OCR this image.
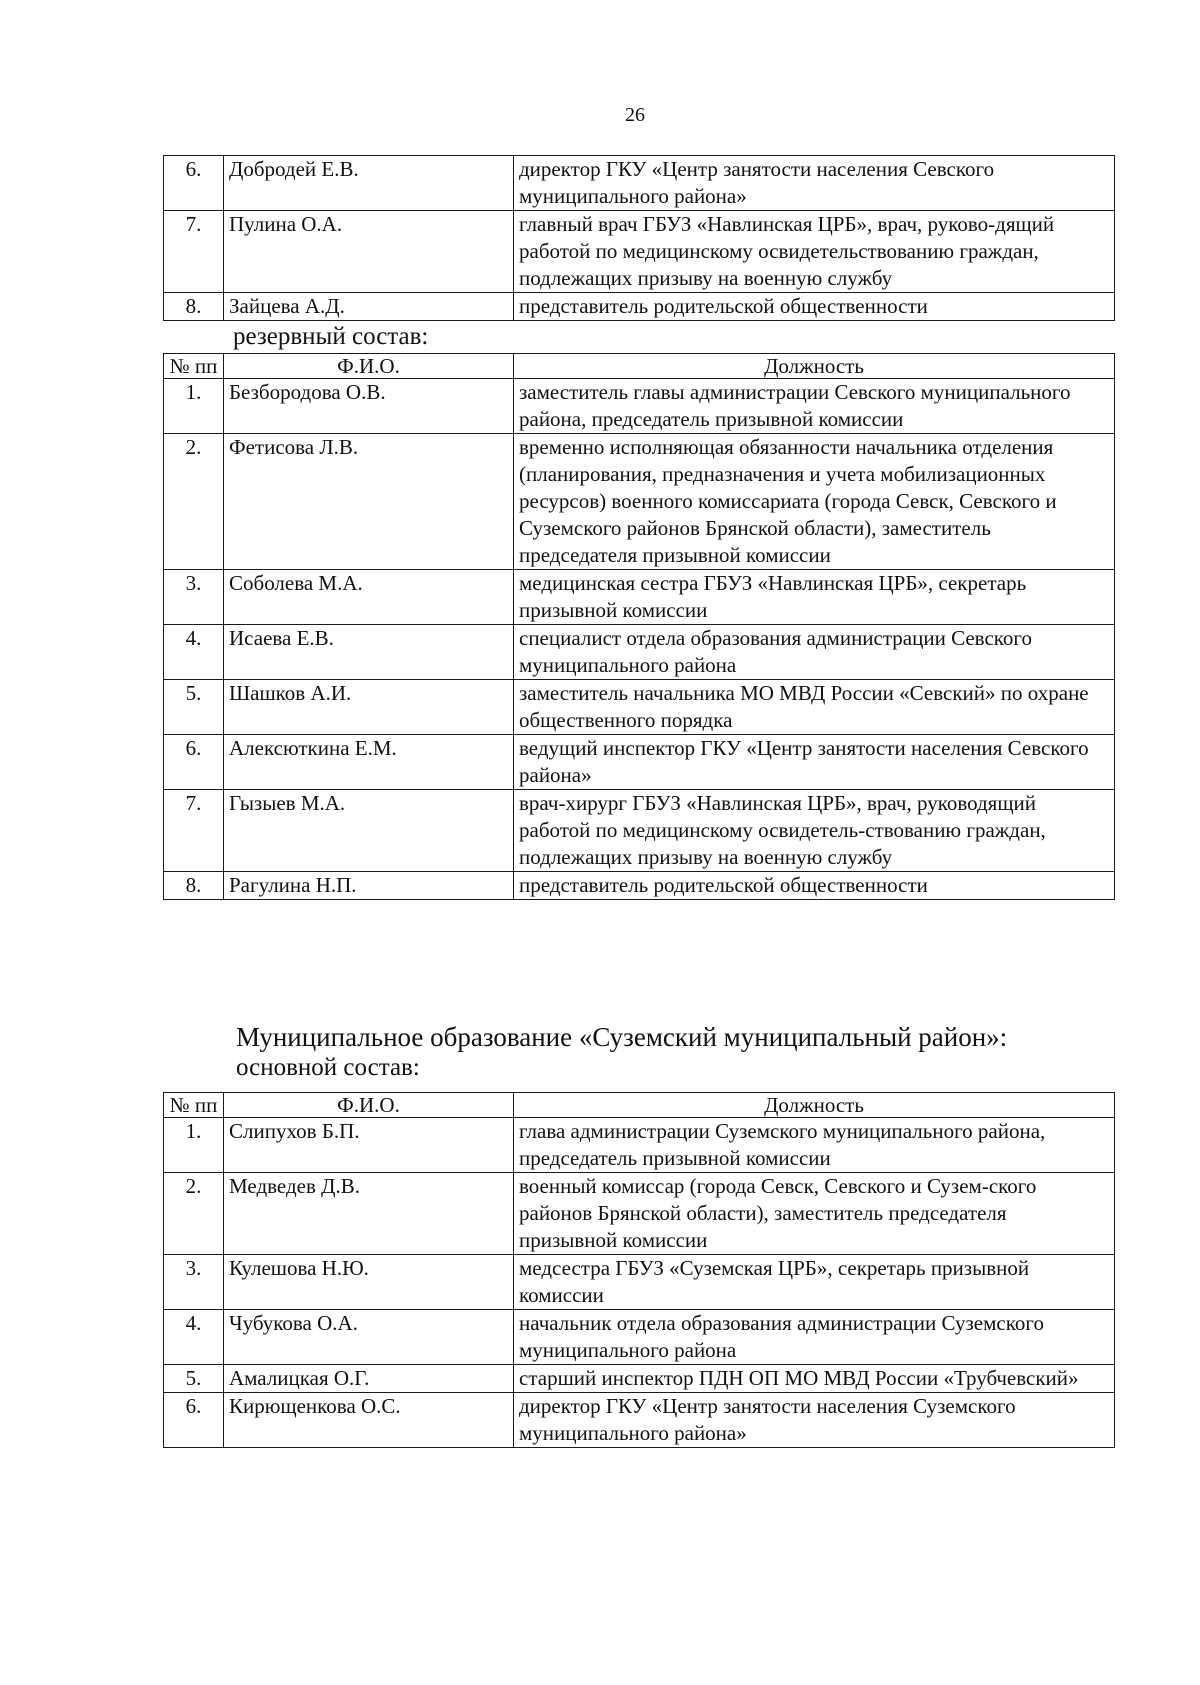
26
6.	Добродей Е.В.	директор ГКУ «Центр занятости населения Севского муниципального района»
7.	Пулина О.А.	главный врач ГБУЗ «Навлинская ЦРБ», врач, руково-дящий работой по медицинскому освидетельствованию граждан, подлежащих призыву на военную службу
8.	Зайцева А.Д.	представитель родительской общественности
резервный состав:
№ пп	Ф.И.О.	Должность
1.	Безбородова О.В.	заместитель главы администрации Севского муниципального района, председатель призывной комиссии
2.	Фетисова Л.В.	временно исполняющая обязанности начальника отделения (планирования, предназначения и учета мобилизационных ресурсов) военного комиссариата (города Севск, Севского и Суземского районов Брянской области), заместитель председателя призывной комиссии
3.	Соболева М.А.	медицинская сестра ГБУЗ «Навлинская ЦРБ», секретарь призывной комиссии
4.	Исаева Е.В.	специалист отдела образования администрации Севского муниципального района
5.	Шашков А.И.	заместитель начальника МО МВД России «Севский» по охране общественного порядка
6.	Алексюткина Е.М.	ведущий инспектор ГКУ «Центр занятости населения Севского района»
7.	Гызыев М.А.	врач-хирург ГБУЗ «Навлинская ЦРБ», врач, руководящий работой по медицинскому освидетель-ствованию граждан, подлежащих призыву на военную службу
8.	Рагулина Н.П.	представитель родительской общественности
Муниципальное образование «Суземский муниципальный район»:
основной состав:
№ пп	Ф.И.О.	Должность
1.	Слипухов Б.П.	глава администрации Суземского муниципального района, председатель призывной комиссии
2.	Медведев Д.В.	военный комиссар (города Севск, Севского и Сузем-ского районов Брянской области), заместитель председателя призывной комиссии
3.	Кулешова Н.Ю.	медсестра ГБУЗ «Суземская ЦРБ», секретарь призывной комиссии
4.	Чубукова О.А.	начальник отдела образования администрации Суземского муниципального района
5.	Амалицкая О.Г.	старший инспектор ПДН ОП МО МВД России «Трубчевский»
6.	Кирющенкова О.С.	директор ГКУ «Центр занятости населения Суземского муниципального района»
